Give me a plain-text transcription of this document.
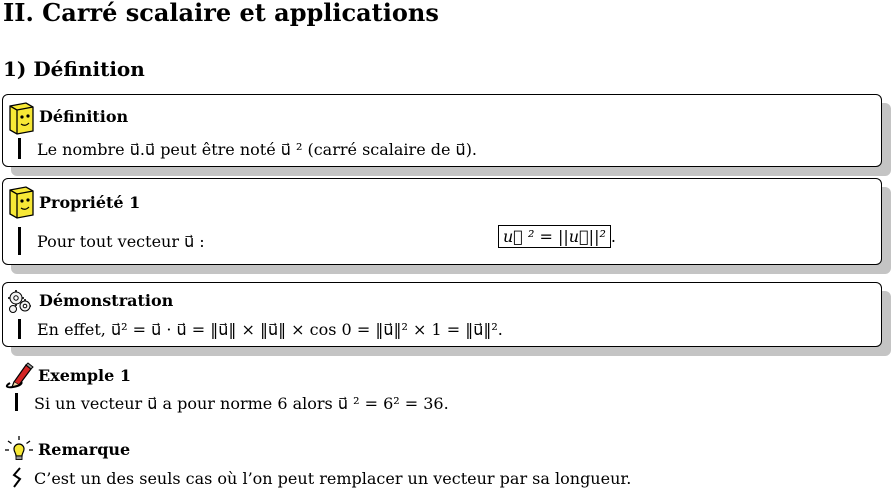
II. Carré scalaire et applications
1) Définition
Définition
Le nombre u⃗.u⃗ peut être noté u⃗ ² (carré scalaire de u⃗).
Propriété 1
Pour tout vecteur u⃗ :	u⃗ ² = ||u⃗||² .
Démonstration
En effet, u⃗² = u⃗ · u⃗ = ‖u⃗‖ × ‖u⃗‖ × cos 0 = ‖u⃗‖² × 1 = ‖u⃗‖².
Exemple 1
Si un vecteur u⃗ a pour norme 6 alors u⃗ ² = 6² = 36.
Remarque
C’est un des seuls cas où l’on peut remplacer un vecteur par sa longueur.
